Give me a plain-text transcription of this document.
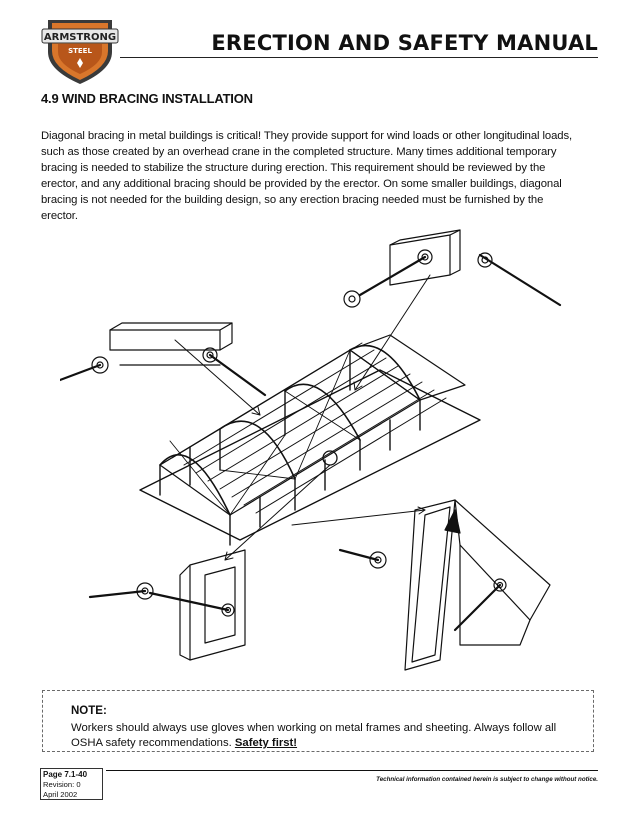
ARMSTRONG
STEEL	ERECTION AND SAFETY MANUAL
4.9 WIND BRACING INSTALLATION
Diagonal bracing in metal buildings is critical! They provide support for wind loads or other longitudinal loads, such as those created by an overhead crane in the completed structure. Many times additional temporary bracing is needed to stabilize the structure during erection. This requirement should be reviewed by the erector, and any additional bracing should be provided by the erector. On some smaller buildings, diagonal bracing is not needed for the building design, so any erection bracing needed must be furnished by the erector.
NOTE:
Workers should always use gloves when working on metal frames and sheeting. Always follow all OSHA safety recommendations. Safety first!
Page 7.1-40
Revision: 0
April 2002
Technical information contained herein is subject to change without notice.
